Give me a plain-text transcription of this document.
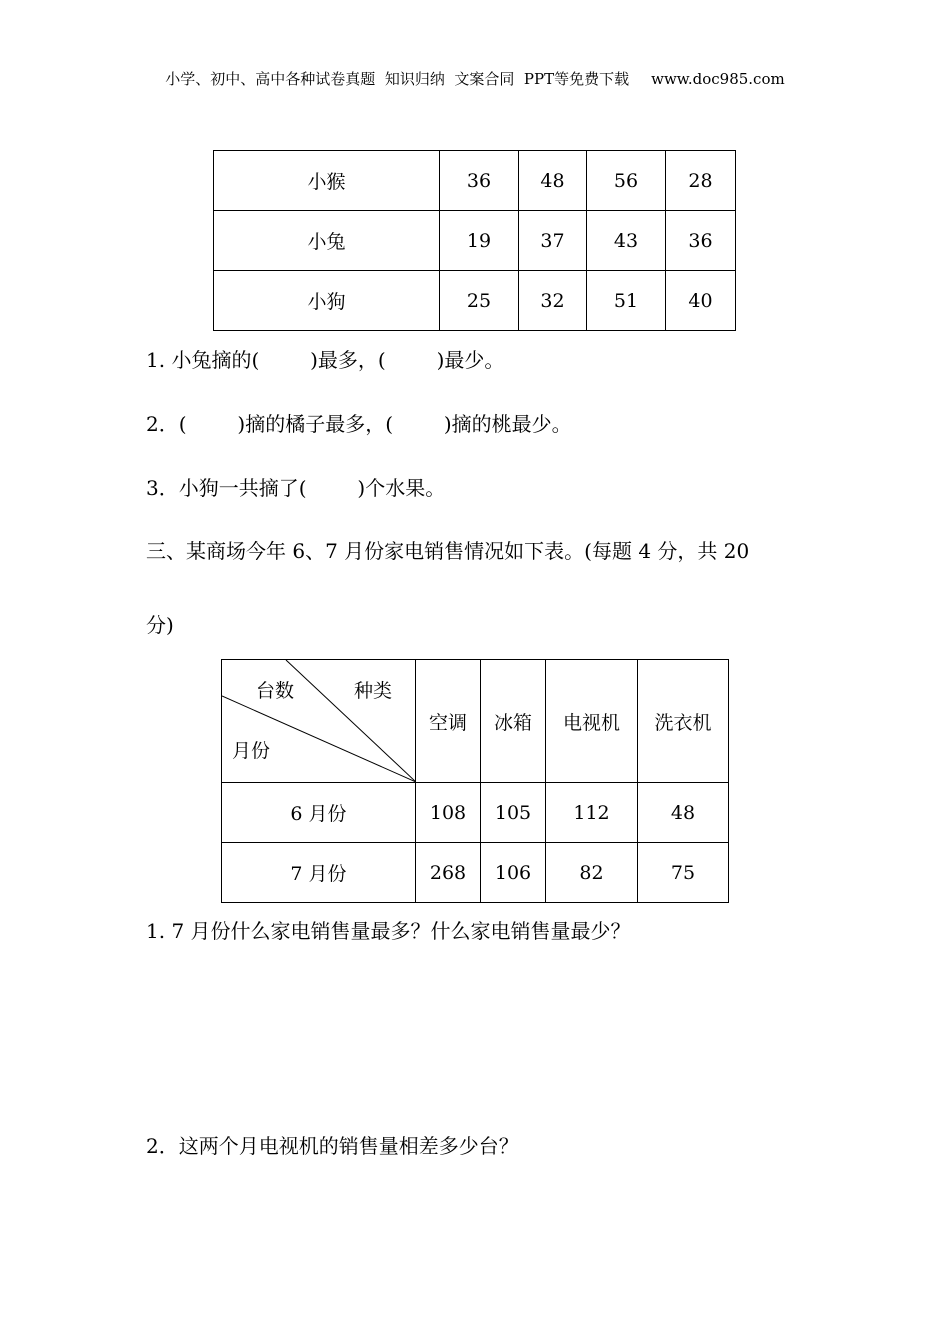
小学、初中、高中各种试卷真题  知识归纳  文案合同  PPT等免费下载 www.doc985.com
小猴	36	48	56	28
小兔	19	37	43	36
小狗	25	32	51	40
1. 小兔摘的(        )最多，(        )最少。
2．(        )摘的橘子最多，(        )摘的桃最少。
3．小狗一共摘了(        )个水果。
三、某商场今年 6、7 月份家电销售情况如下表。(每题 4 分，共 20
分)
台数 种类
月份	空调	冰箱	电视机	洗衣机
6 月份	108	105	112	48
7 月份	268	106	82	75
1. 7 月份什么家电销售量最多？什么家电销售量最少？
2．这两个月电视机的销售量相差多少台？
